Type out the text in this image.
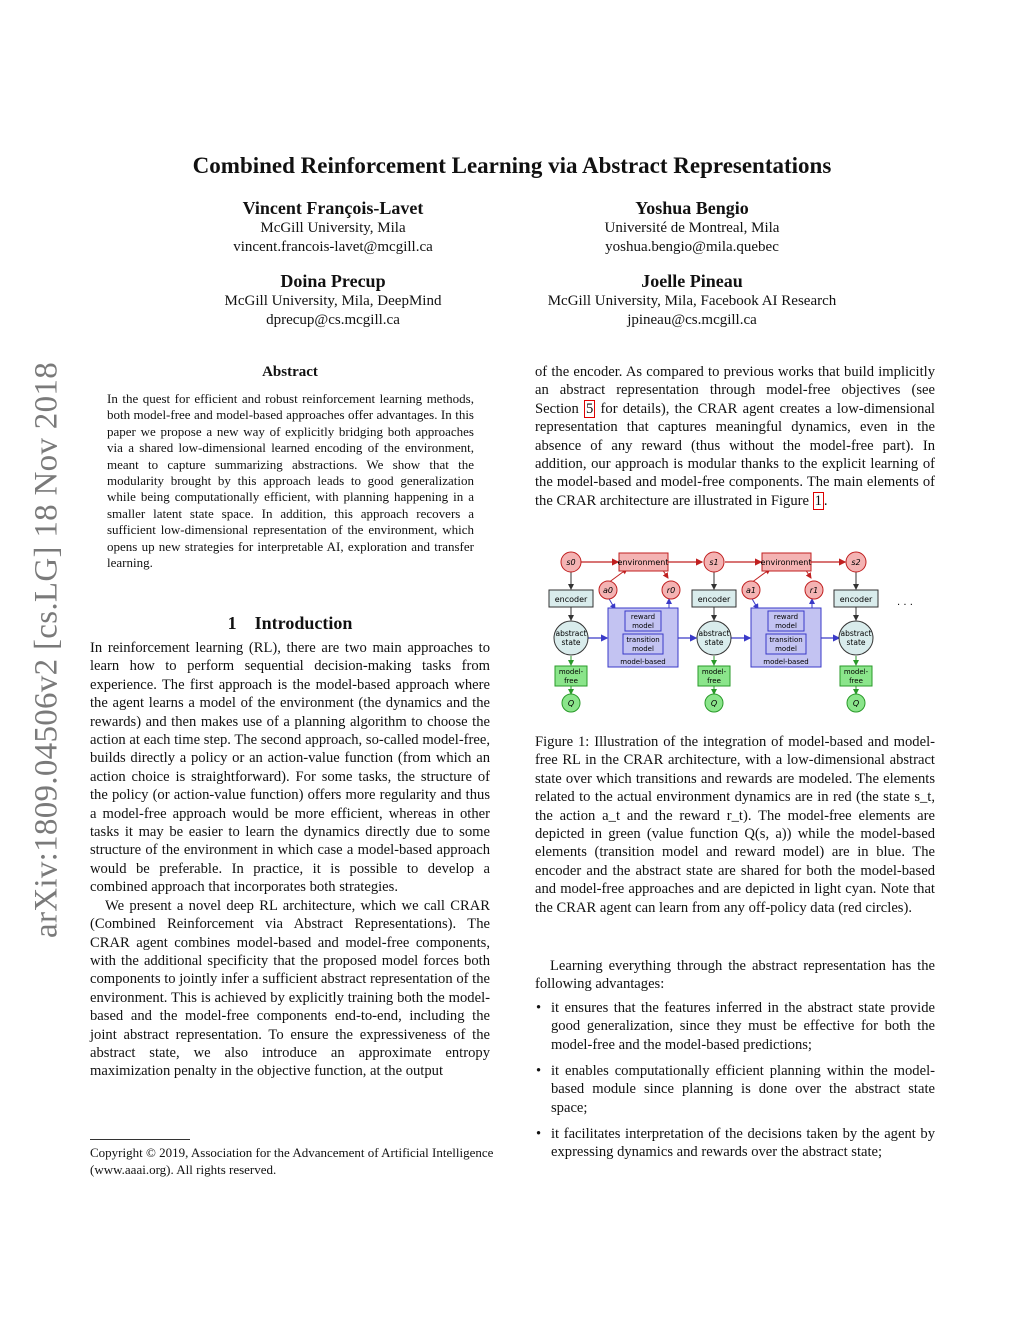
arXiv:1809.04506v2 [cs.LG] 18 Nov 2018
Combined Reinforcement Learning via Abstract Representations
Vincent François-Lavet
McGill University, Mila
vincent.francois-lavet@mcgill.ca
Yoshua Bengio
Université de Montreal, Mila
yoshua.bengio@mila.quebec
Doina Precup
McGill University, Mila, DeepMind
dprecup@cs.mcgill.ca
Joelle Pineau
McGill University, Mila, Facebook AI Research
jpineau@cs.mcgill.ca
Abstract
In the quest for efficient and robust reinforcement learning methods, both model-free and model-based approaches offer advantages. In this paper we propose a new way of explicitly bridging both approaches via a shared low-dimensional learned encoding of the environment, meant to capture summarizing abstractions. We show that the modularity brought by this approach leads to good generalization while being computationally efficient, with planning happening in a smaller latent state space. In addition, this approach recovers a sufficient low-dimensional representation of the environment, which opens up new strategies for interpretable AI, exploration and transfer learning.
1 Introduction

In reinforcement learning (RL), there are two main approaches to learn how to perform sequential decision-making tasks from experience. The first approach is the model-based approach where the agent learns a model of the environment (the dynamics and the rewards) and then makes use of a planning algorithm to choose the action at each time step. The second approach, so-called model-free, builds directly a policy or an action-value function (from which an action choice is straightforward). For some tasks, the structure of the policy (or action-value function) offers more regularity and thus a model-free approach would be more efficient, whereas in other tasks it may be easier to learn the dynamics directly due to some structure of the environment in which case a model-based approach would be preferable. In practice, it is possible to develop a combined approach that incorporates both strategies.

We present a novel deep RL architecture, which we call CRAR (Combined Reinforcement via Abstract Representations). The CRAR agent combines model-based and model-free components, with the additional specificity that the proposed model forces both components to jointly infer a sufficient abstract representation of the environment. This is achieved by explicitly training both the model-based and the model-free components end-to-end, including the joint abstract representation. To ensure the expressiveness of the abstract state, we also introduce an approximate entropy maximization penalty in the objective function, at the output

Copyright © 2019, Association for the Advancement of Artificial Intelligence (www.aaai.org). All rights reserved.
of the encoder. As compared to previous works that build implicitly an abstract representation through model-free objectives (see Section 5 for details), the CRAR agent creates a low-dimensional representation that captures meaningful dynamics, even in the absence of any reward (thus without the model-free part). In addition, our approach is modular thanks to the explicit learning of the model-based and model-free components. The main elements of the CRAR architecture are illustrated in Figure 1 .
s0	s1	s2
environment	environment
a0	r0	a1	r1
encoder	encoder	encoder
abstract
state
abstract
state
abstract
state
reward
model
transition
model
model-based
reward
model
transition
model
model-based
model-
free
model-
free
model-
free
Q	Q	Q
. . .
Figure 1: Illustration of the integration of model-based and model-free RL in the CRAR architecture, with a low-dimensional abstract state over which transitions and rewards are modeled. The elements related to the actual environment dynamics are in red (the state s_t, the action a_t and the reward r_t). The model-free elements are depicted in green (value function Q(s, a)) while the model-based elements (transition model and reward model) are in blue. The encoder and the abstract state are shared for both the model-based and model-free approaches and are depicted in light cyan. Note that the CRAR agent can learn from any off-policy data (red circles).
Learning everything through the abstract representation has the following advantages:
• it ensures that the features inferred in the abstract state provide good generalization, since they must be effective for both the model-free and the model-based predictions;
• it enables computationally efficient planning within the model-based module since planning is done over the abstract state space;
• it facilitates interpretation of the decisions taken by the agent by expressing dynamics and rewards over the abstract state;
